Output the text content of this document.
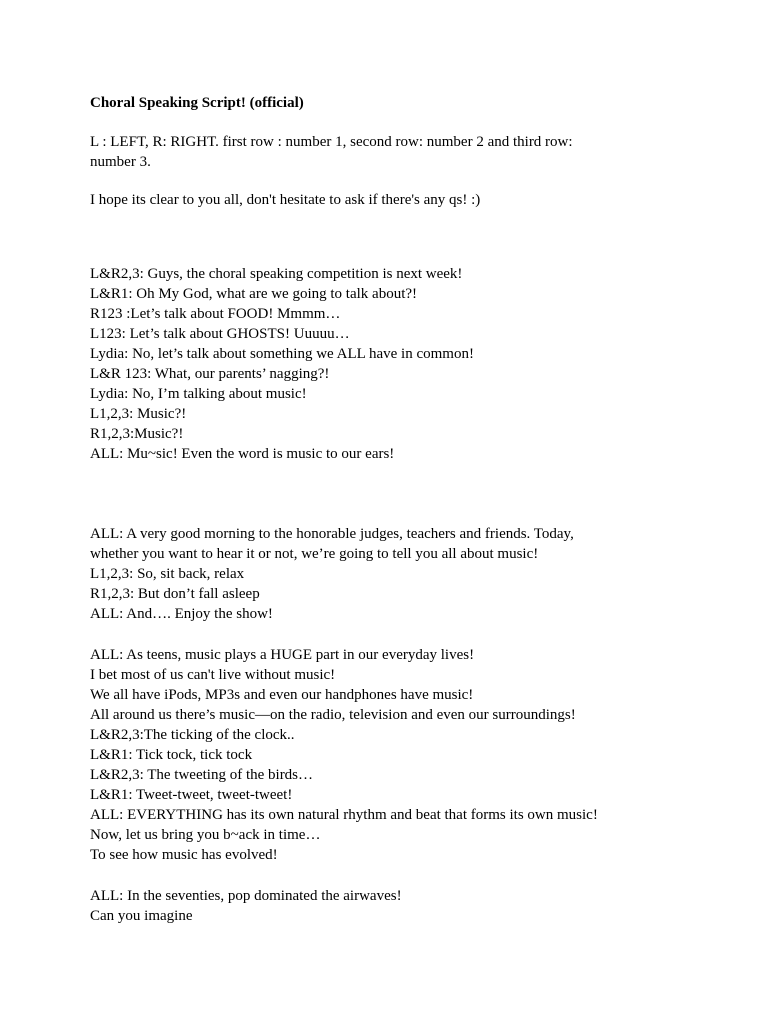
Choral Speaking Script! (official)

L : LEFT, R: RIGHT. first row : number 1, second row: number 2 and third row:

number 3.

I hope its clear to you all, don't hesitate to ask if there's any qs! :)

L&R2,3: Guys, the choral speaking competition is next week!

L&R1: Oh My God, what are we going to talk about?!

R123 :Let’s talk about FOOD! Mmmm…

L123: Let’s talk about GHOSTS! Uuuuu…

Lydia: No, let’s talk about something we ALL have in common!

L&R 123: What, our parents’ nagging?!

Lydia: No, I’m talking about music!

L1,2,3: Music?!

R1,2,3:Music?!

ALL: Mu~sic! Even the word is music to our ears!

ALL: A very good morning to the honorable judges, teachers and friends. Today,

whether you want to hear it or not, we’re going to tell you all about music!

L1,2,3: So, sit back, relax

R1,2,3: But don’t fall asleep

ALL: And…. Enjoy the show!

ALL: As teens, music plays a HUGE part in our everyday lives!

I bet most of us can't live without music!

We all have iPods, MP3s and even our handphones have music!

All around us there’s music—on the radio, television and even our surroundings!

L&R2,3:The ticking of the clock..

L&R1: Tick tock, tick tock

L&R2,3: The tweeting of the birds…

L&R1: Tweet-tweet, tweet-tweet!

ALL: EVERYTHING has its own natural rhythm and beat that forms its own music!

Now, let us bring you b~ack in time…

To see how music has evolved!

ALL: In the seventies, pop dominated the airwaves!

Can you imagine
